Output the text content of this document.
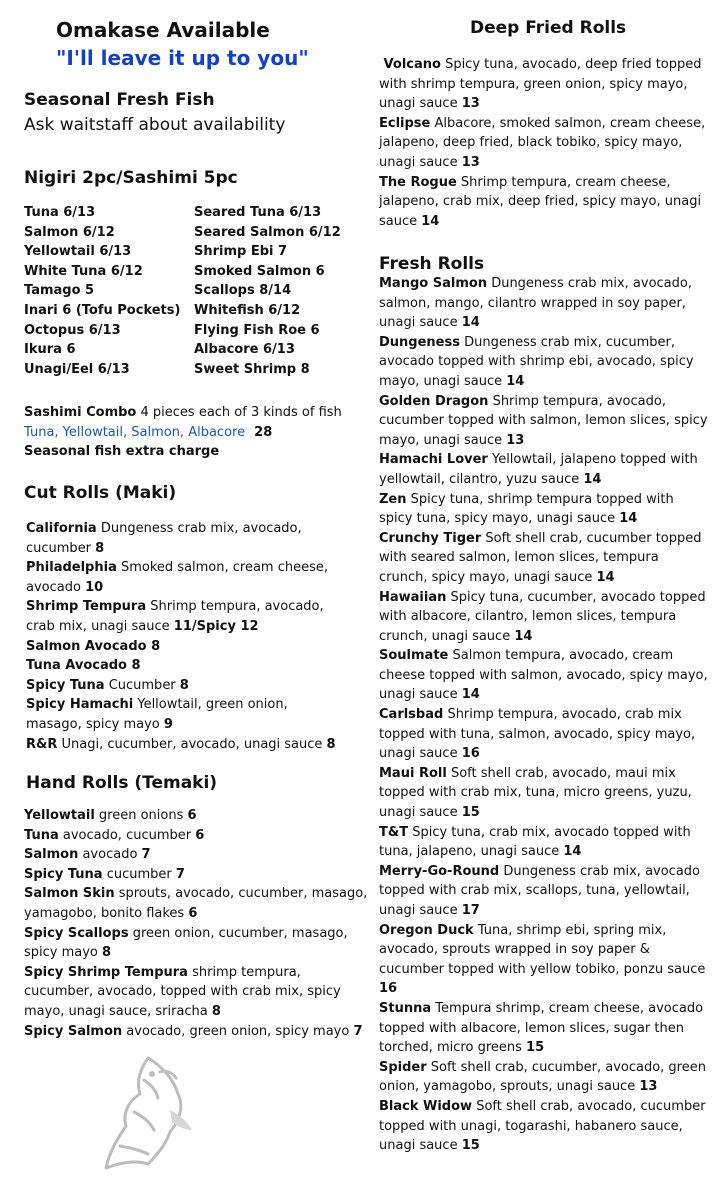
Omakase Available
"I'll leave it up to you"
Seasonal Fresh Fish
Ask waitstaff about availability
Nigiri 2pc/Sashimi 5pc
Tuna 6/13
Salmon 6/12
Yellowtail 6/13
White Tuna 6/12
Tamago 5
Inari 6 (Tofu Pockets)
Octopus 6/13
Ikura 6
Unagi/Eel 6/13
Seared Tuna 6/13
Seared Salmon 6/12
Shrimp Ebi 7
Smoked Salmon 6
Scallops 8/14
Whitefish 6/12
Flying Fish Roe 6
Albacore 6/13
Sweet Shrimp 8
Sashimi Combo 4 pieces each of 3 kinds of fish
Tuna, Yellowtail, Salmon, Albacore  28
Seasonal fish extra charge
Cut Rolls (Maki)
California Dungeness crab mix, avocado, cucumber 8
Philadelphia Smoked salmon, cream cheese, avocado 10
Shrimp Tempura Shrimp tempura, avocado, crab mix, unagi sauce 11/Spicy 12
Salmon Avocado 8
Tuna Avocado 8
Spicy Tuna Cucumber 8
Spicy Hamachi Yellowtail, green onion, masago, spicy mayo 9
R&R Unagi, cucumber, avocado, unagi sauce 8
Hand Rolls (Temaki)
Yellowtail green onions 6
Tuna avocado, cucumber 6
Salmon avocado 7
Spicy Tuna cucumber 7
Salmon Skin sprouts, avocado, cucumber, masago, yamagobo, bonito flakes 6
Spicy Scallops green onion, cucumber, masago, spicy mayo 8
Spicy Shrimp Tempura shrimp tempura, cucumber, avocado, topped with crab mix, spicy mayo, unagi sauce, sriracha 8
Spicy Salmon avocado, green onion, spicy mayo 7
Deep Fried Rolls
Volcano Spicy tuna, avocado, deep fried topped with shrimp tempura, green onion, spicy mayo, unagi sauce 13
Eclipse Albacore, smoked salmon, cream cheese, jalapeno, deep fried, black tobiko, spicy mayo, unagi sauce 13
The Rogue Shrimp tempura, cream cheese, jalapeno, crab mix, deep fried, spicy mayo, unagi sauce 14
Fresh Rolls
Mango Salmon Dungeness crab mix, avocado, salmon, mango, cilantro wrapped in soy paper, unagi sauce 14
Dungeness Dungeness crab mix, cucumber, avocado topped with shrimp ebi, avocado, spicy mayo, unagi sauce 14
Golden Dragon Shrimp tempura, avocado, cucumber topped with salmon, lemon slices, spicy mayo, unagi sauce 13
Hamachi Lover Yellowtail, jalapeno topped with yellowtail, cilantro, yuzu sauce 14
Zen Spicy tuna, shrimp tempura topped with spicy tuna, spicy mayo, unagi sauce 14
Crunchy Tiger Soft shell crab, cucumber topped with seared salmon, lemon slices, tempura crunch, spicy mayo, unagi sauce 14
Hawaiian Spicy tuna, cucumber, avocado topped with albacore, cilantro, lemon slices, tempura crunch, unagi sauce 14
Soulmate Salmon tempura, avocado, cream cheese topped with salmon, avocado, spicy mayo, unagi sauce 14
Carlsbad Shrimp tempura, avocado, crab mix topped with tuna, salmon, avocado, spicy mayo, unagi sauce 16
Maui Roll Soft shell crab, avocado, maui mix topped with crab mix, tuna, micro greens, yuzu, unagi sauce 15
T&T Spicy tuna, crab mix, avocado topped with tuna, jalapeno, unagi sauce 14
Merry-Go-Round Dungeness crab mix, avocado topped with crab mix, scallops, tuna, yellowtail, unagi sauce 17
Oregon Duck Tuna, shrimp ebi, spring mix, avocado, sprouts wrapped in soy paper & cucumber topped with yellow tobiko, ponzu sauce 16
Stunna Tempura shrimp, cream cheese, avocado topped with albacore, lemon slices, sugar then torched, micro greens 15
Spider Soft shell crab, cucumber, avocado, green onion, yamagobo, sprouts, unagi sauce 13
Black Widow Soft shell crab, avocado, cucumber topped with unagi, togarashi, habanero sauce, unagi sauce 15
